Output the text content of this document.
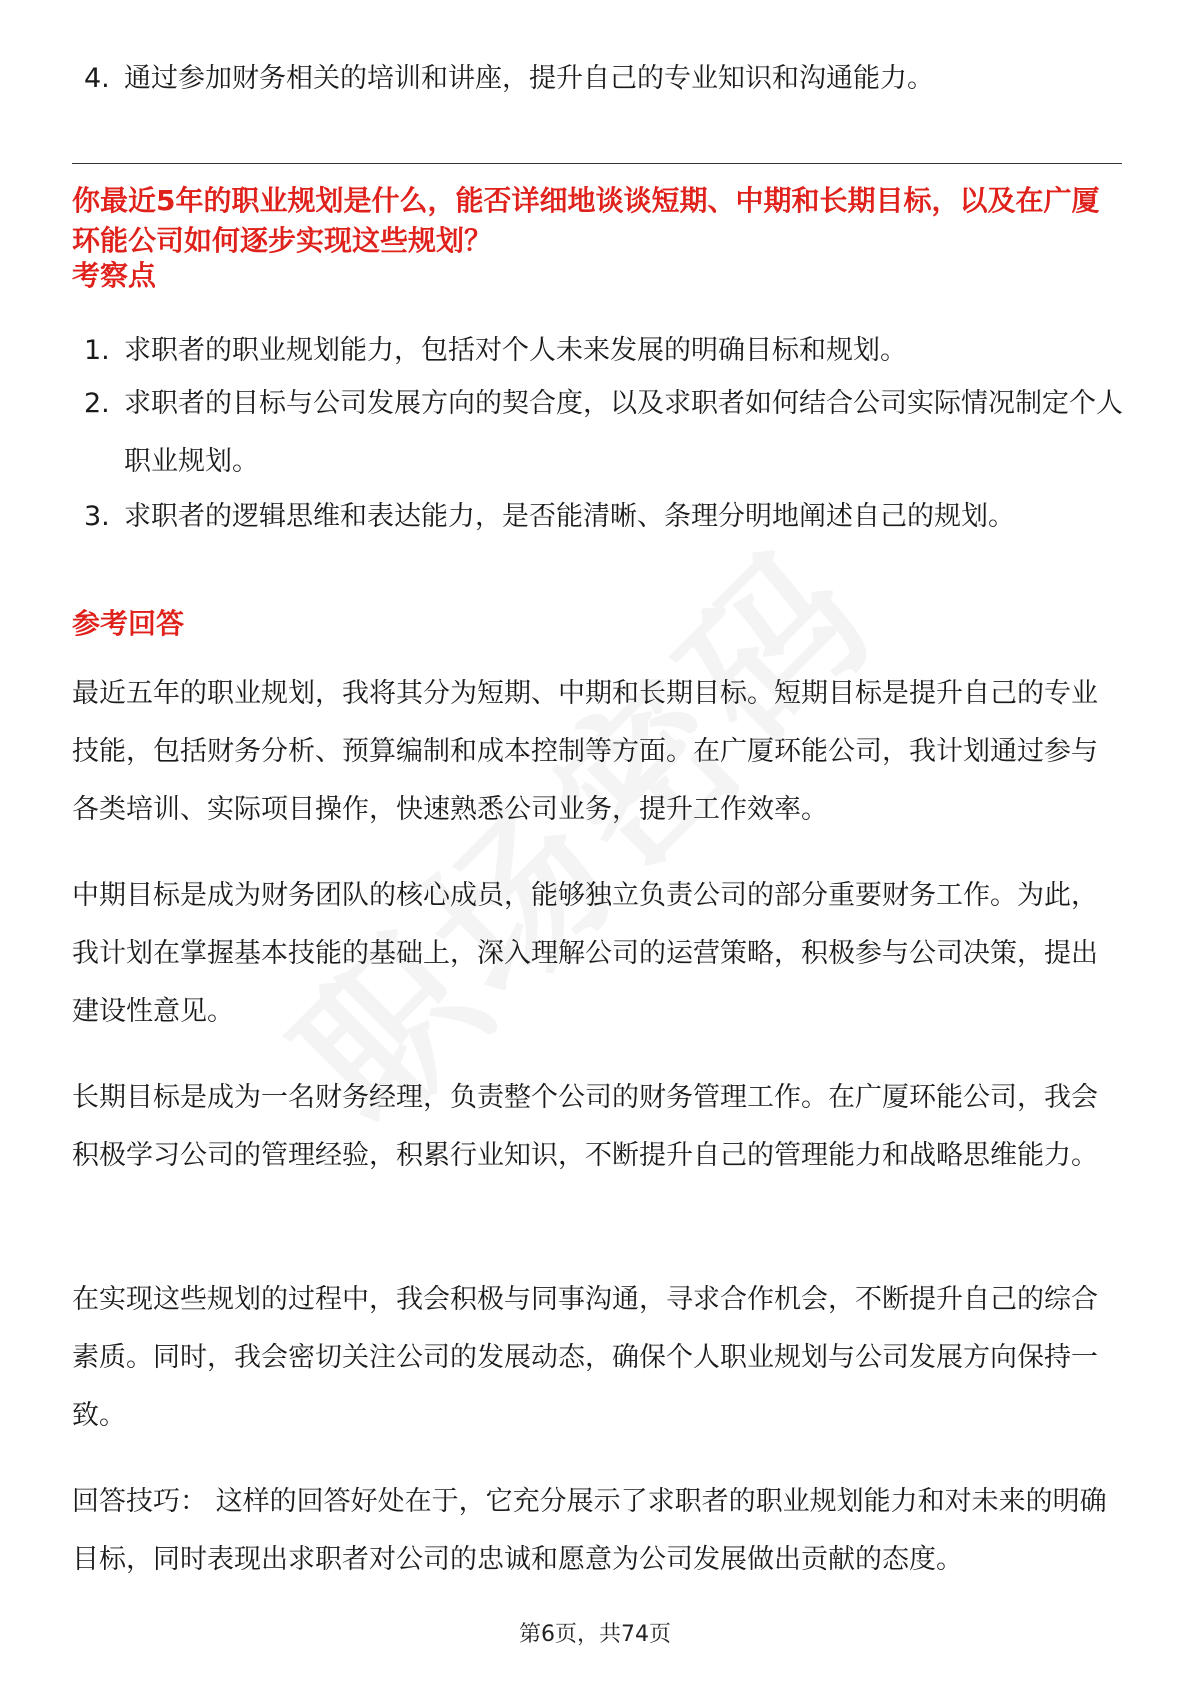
4. 通过参加财务相关的培训和讲座，提升自己的专业知识和沟通能力。
你最近5年的职业规划是什么，能否详细地谈谈短期、中期和长期目标，以及在广厦环能公司如何逐步实现这些规划？
考察点
1. 求职者的职业规划能力，包括对个人未来发展的明确目标和规划。
2. 求职者的目标与公司发展方向的契合度，以及求职者如何结合公司实际情况制定个人职业规划。
3. 求职者的逻辑思维和表达能力，是否能清晰、条理分明地阐述自己的规划。
参考回答
最近五年的职业规划，我将其分为短期、中期和长期目标。短期目标是提升自己的专业技能，包括财务分析、预算编制和成本控制等方面。在广厦环能公司，我计划通过参与各类培训、实际项目操作，快速熟悉公司业务，提升工作效率。
中期目标是成为财务团队的核心成员，能够独立负责公司的部分重要财务工作。为此，我计划在掌握基本技能的基础上，深入理解公司的运营策略，积极参与公司决策，提出建设性意见。
长期目标是成为一名财务经理，负责整个公司的财务管理工作。在广厦环能公司，我会积极学习公司的管理经验，积累行业知识，不断提升自己的管理能力和战略思维能力。
在实现这些规划的过程中，我会积极与同事沟通，寻求合作机会，不断提升自己的综合素质。同时，我会密切关注公司的发展动态，确保个人职业规划与公司发展方向保持一致。
回答技巧： 这样的回答好处在于，它充分展示了求职者的职业规划能力和对未来的明确目标，同时表现出求职者对公司的忠诚和愿意为公司发展做出贡献的态度。
第6页，共74页
